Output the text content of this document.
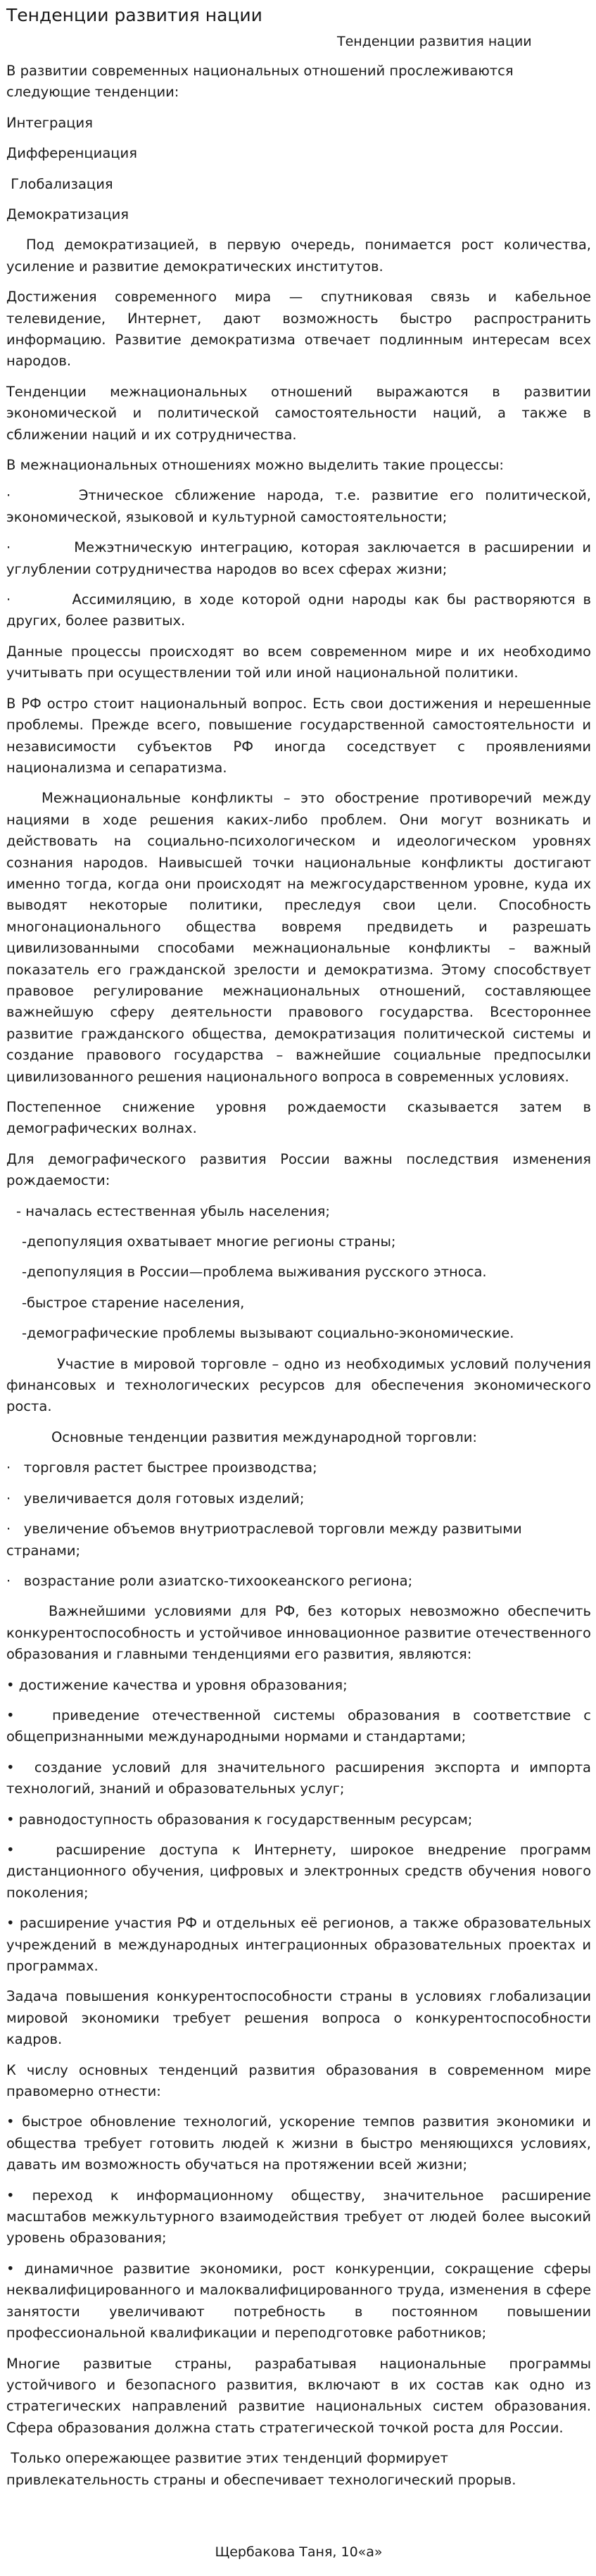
Тенденции развития нации
Тенденции развития нации

В развитии современных национальных отношений прослеживаются следующие тенденции:

Интеграция

Дифференциация

Глобализация

Демократизация

Под демократизацией, в первую очередь, понимается рост количества, усиление и развитие демократических институтов.

Достижения современного мира — спутниковая связь и кабельное телевидение, Интернет, дают возможность быстро распространить информацию. Развитие демократизма отвечает подлинным интересам всех народов.

Тенденции межнациональных отношений выражаются в развитии экономической и политической самостоятельности наций, а также в сближении наций и их сотрудничества.

В межнациональных отношениях можно выделить такие процессы:

·      Этническое сближение народа, т.е. развитие его политической, экономической, языковой и культурной самостоятельности;

·        Межэтническую интеграцию, которая заключается в расширении и углублении сотрудничества народов во всех сферах жизни;

·        Ассимиляцию, в ходе которой одни народы как бы растворяются в других, более развитых.

Данные процессы происходят во всем современном мире и их необходимо учитывать при осуществлении той или иной национальной политики.

В РФ остро стоит национальный вопрос. Есть свои достижения и нерешенные проблемы. Прежде всего, повышение государственной самостоятельности и независимости субъектов РФ иногда соседствует с проявлениями национализма и сепаратизма.

Межнациональные конфликты – это обострение противоречий между нациями в ходе решения каких-либо проблем. Они могут возникать и действовать на социально-психологическом и идеологическом уровнях сознания народов. Наивысшей точки национальные конфликты достигают именно тогда, когда они происходят на межгосударственном уровне, куда их выводят некоторые политики, преследуя свои цели. Способность многонационального общества вовремя предвидеть и разрешать цивилизованными способами межнациональные конфликты – важный показатель его гражданской зрелости и демократизма. Этому способствует правовое регулирование межнациональных отношений, составляющее важнейшую сферу деятельности правового государства. Всестороннее развитие гражданского общества, демократизация политической системы и создание правового государства – важнейшие социальные предпосылки цивилизованного решения национального вопроса в современных условиях.

Постепенное снижение уровня рождаемости сказывается затем в демографических волнах.

Для демографического развития России важны последствия изменения рождаемости:

- началась естественная убыль населения;

-депопуляция охватывает многие регионы страны;

-депопуляция в России—проблема выживания русского этноса.

-быстрое старение населения,

-демографические проблемы вызывают социально-экономические.

Участие в мировой торговле – одно из необходимых условий получения финансовых и технологических ресурсов для обеспечения экономического роста.

Основные тенденции развития международной торговли:

·   торговля растет быстрее производства;

·   увеличивается доля готовых изделий;

·   увеличение объемов внутриотраслевой торговли между развитыми странами;

·   возрастание роли азиатско-тихоокеанского региона;

Важнейшими условиями для РФ, без которых невозможно обеспечить конкурентоспособность и устойчивое инновационное развитие отечественного образования и главными тенденциями его развития, являются:

• достижение качества и уровня образования;

•   приведение отечественной системы образования в соответствие с общепризнанными международными нормами и стандартами;

•  создание условий для значительного расширения экспорта и импорта технологий, знаний и образовательных услуг;

• равнодоступность образования к государственным ресурсам;

•   расширение доступа к Интернету, широкое внедрение программ дистанционного обучения, цифровых и электронных средств обучения нового поколения;

• расширение участия РФ и отдельных её регионов, а также образовательных учреждений в международных интеграционных образовательных проектах и программах.

Задача повышения конкурентоспособности страны в условиях глобализации мировой экономики требует решения вопроса о конкурентоспособности кадров.

К числу основных тенденций развития образования в современном мире правомерно отнести:

• быстрое обновление технологий, ускорение темпов развития экономики и общества требует готовить людей к жизни в быстро меняющихся условиях, давать им возможность обучаться на протяжении всей жизни;

• переход к информационному обществу, значительное расширение масштабов межкультурного взаимодействия требует от людей более высокий уровень образования;

• динамичное развитие экономики, рост конкуренции, сокращение сферы неквалифицированного и малоквалифицированного труда, изменения в сфере занятости увеличивают потребность в постоянном повышении профессиональной квалификации и переподготовке работников;

Многие развитые страны, разрабатывая национальные программы устойчивого и безопасного развития, включают в их состав как одно из стратегических направлений развитие национальных систем образования. Сфера образования должна стать стратегической точкой роста для России.

Только опережающее развитие этих тенденций формирует привлекательность страны и обеспечивает технологический прорыв.

Щербакова Таня, 10«а»
